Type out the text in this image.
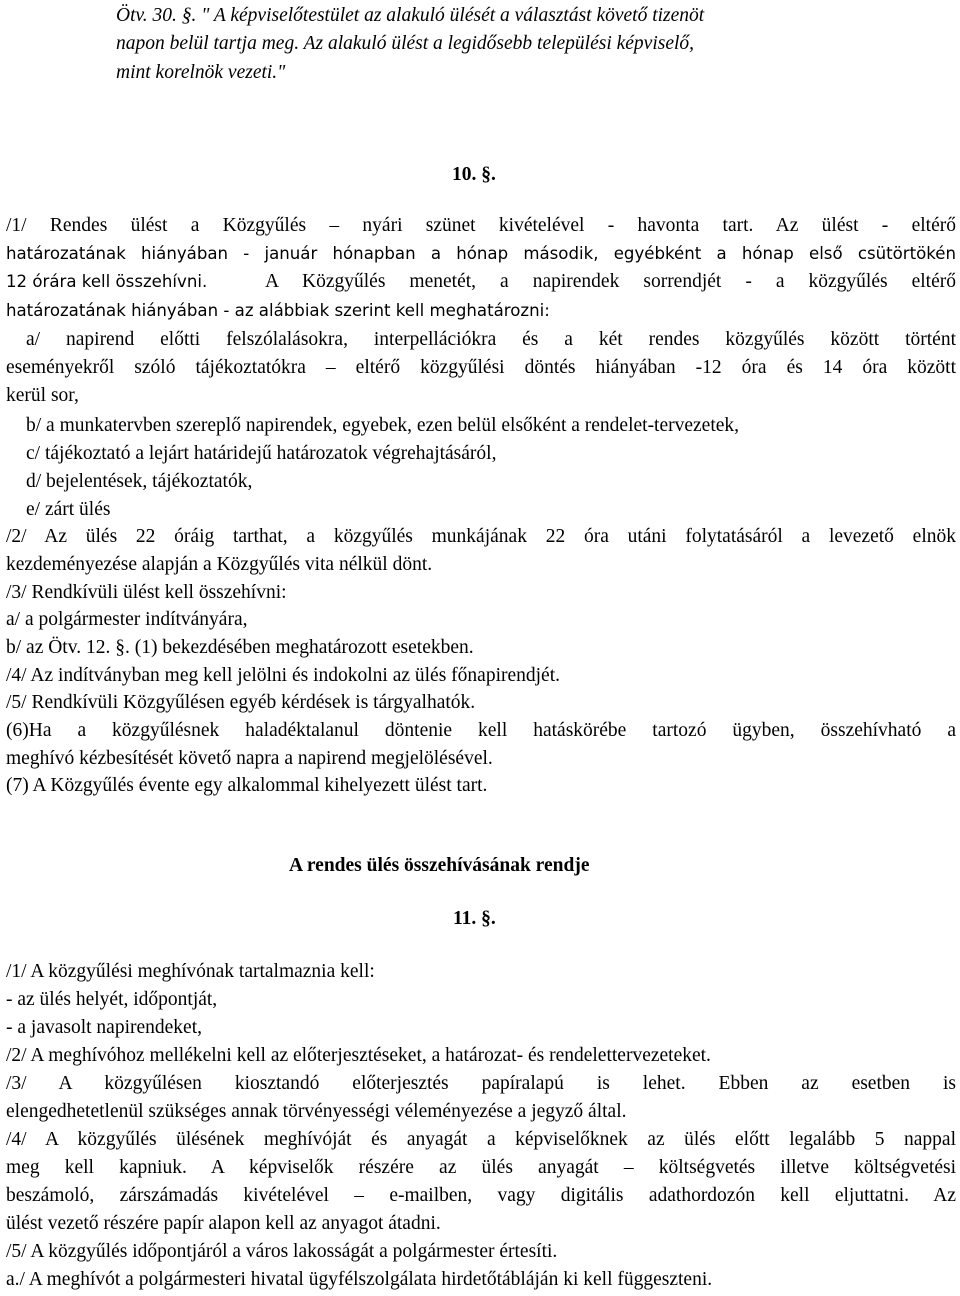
Ötv. 30. §. " A képviselőtestület az alakuló ülését a választást követő tizenöt
napon belül tartja meg. Az alakuló ülést a legidősebb települési képviselő,
mint korelnök vezeti."
10. §.
/1/ Rendes ülést a Közgyűlés – nyári szünet kivételével - havonta tart. Az ülést - eltérő
határozatának hiányában - január hónapban a hónap második, egyébként a hónap első csütörtökén
12 órára kell összehívni.	A Közgyűlés menetét, a napirendek sorrendjét - a közgyűlés eltérő
határozatának hiányában - az alábbiak szerint kell meghatározni:
a/ napirend előtti felszólalásokra, interpellációkra és a két rendes közgyűlés között történt
eseményekről szóló tájékoztatókra – eltérő közgyűlési döntés hiányában -12 óra és 14 óra között
kerül sor,
b/ a munkatervben szereplő napirendek, egyebek, ezen belül elsőként a rendelet-tervezetek,
c/ tájékoztató a lejárt határidejű határozatok végrehajtásáról,
d/ bejelentések, tájékoztatók,
e/ zárt ülés
/2/ Az ülés 22 óráig tarthat, a közgyűlés munkájának 22 óra utáni folytatásáról a levezető elnök
kezdeményezése alapján a Közgyűlés vita nélkül dönt.
/3/ Rendkívüli ülést kell összehívni:
a/ a polgármester indítványára,
b/ az Ötv. 12. §. (1) bekezdésében meghatározott esetekben.
/4/ Az indítványban meg kell jelölni és indokolni az ülés főnapirendjét.
/5/ Rendkívüli Közgyűlésen egyéb kérdések is tárgyalhatók.
(6)Ha a közgyűlésnek haladéktalanul döntenie kell hatáskörébe tartozó ügyben, összehívható a
meghívó kézbesítését követő napra a napirend megjelölésével.
(7) A Közgyűlés évente egy alkalommal kihelyezett ülést tart.
A rendes ülés összehívásának rendje
11. §.
/1/ A közgyűlési meghívónak tartalmaznia kell:
- az ülés helyét, időpontját,
- a javasolt napirendeket,
/2/ A meghívóhoz mellékelni kell az előterjesztéseket, a határozat- és rendelettervezeteket.
/3/ A közgyűlésen kiosztandó előterjesztés papíralapú is lehet. Ebben az esetben is
elengedhetetlenül szükséges annak törvényességi véleményezése a jegyző által.
/4/ A közgyűlés ülésének meghívóját és anyagát a képviselőknek az ülés előtt legalább 5 nappal
meg kell kapniuk. A képviselők részére az ülés anyagát – költségvetés illetve költségvetési
beszámoló, zárszámadás kivételével – e-mailben, vagy digitális adathordozón kell eljuttatni. Az
ülést vezető részére papír alapon kell az anyagot átadni.
/5/ A közgyűlés időpontjáról a város lakosságát a polgármester értesíti.
a./ A meghívót a polgármesteri hivatal ügyfélszolgálata hirdetőtábláján ki kell függeszteni.
